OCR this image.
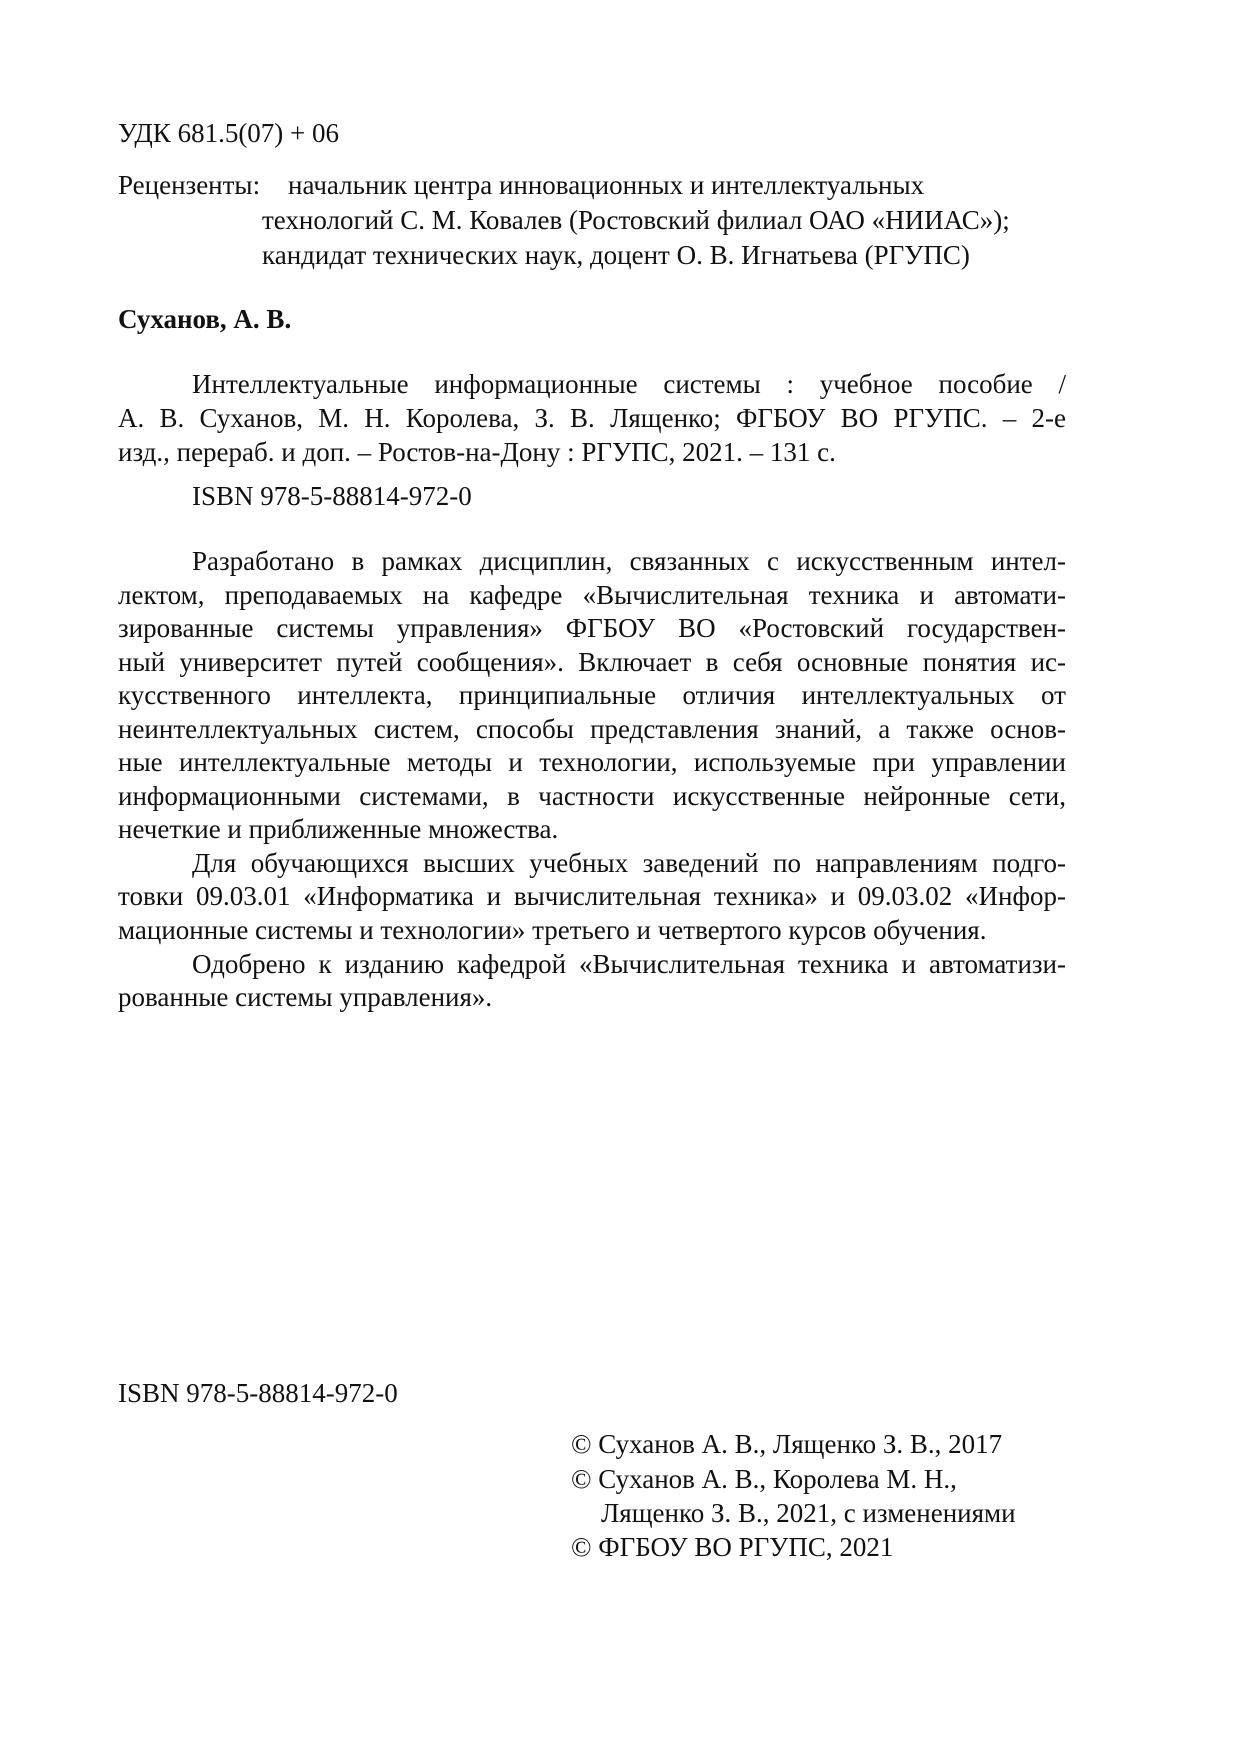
УДК 681.5(07) + 06

Рецензенты: начальник центра инновационных и интеллектуальных

технологий С. М. Ковалев (Ростовский филиал ОАО «НИИАС»);

кандидат технических наук, доцент О. В. Игнатьева (РГУПС)

Суханов, А. В.

Интеллектуальные информационные системы : учебное пособие /

А. В. Суханов, М. Н. Королева, З. В. Лященко; ФГБОУ ВО РГУПС. – 2-е

изд., перераб. и доп. – Ростов-на-Дону : РГУПС, 2021. – 131 с.

ISBN 978-5-88814-972-0

Разработано в рамках дисциплин, связанных с искусственным интел-

лектом, преподаваемых на кафедре «Вычислительная техника и автомати-

зированные системы управления» ФГБОУ ВО «Ростовский государствен-

ный университет путей сообщения». Включает в себя основные понятия ис-

кусственного интеллекта, принципиальные отличия интеллектуальных от

неинтеллектуальных систем, способы представления знаний, а также основ-

ные интеллектуальные методы и технологии, используемые при управлении

информационными системами, в частности искусственные нейронные сети,

нечеткие и приближенные множества.

Для обучающихся высших учебных заведений по направлениям подго-

товки 09.03.01 «Информатика и вычислительная техника» и 09.03.02 «Инфор-

мационные системы и технологии» третьего и четвертого курсов обучения.

Одобрено к изданию кафедрой «Вычислительная техника и автоматизи-

рованные системы управления».

ISBN 978-5-88814-972-0

© Суханов А. В., Лященко З. В., 2017

© Суханов А. В., Королева М. Н.,

Лященко З. В., 2021, с изменениями

© ФГБОУ ВО РГУПС, 2021
